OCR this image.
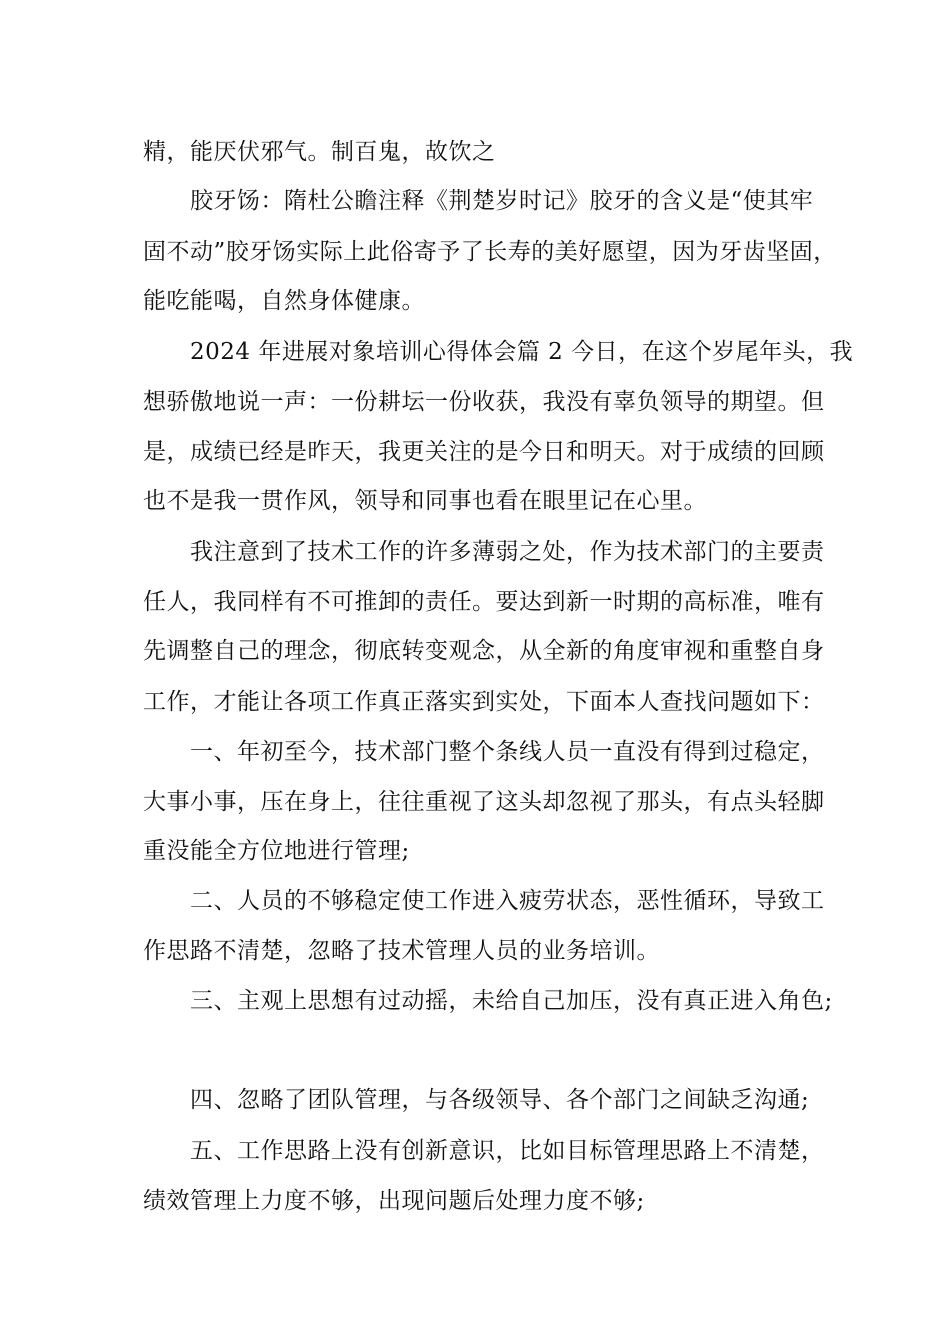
精，能厌伏邪气。制百鬼，故饮之
胶牙饧：隋杜公瞻注释《荆楚岁时记》胶牙的含义是“使其牢
固不动”胶牙饧实际上此俗寄予了长寿的美好愿望，因为牙齿坚固，
能吃能喝，自然身体健康。
2024 年进展对象培训心得体会篇 2 今日，在这个岁尾年头，我
想骄傲地说一声：一份耕坛一份收获，我没有辜负领导的期望。但
是，成绩已经是昨天，我更关注的是今日和明天。对于成绩的回顾
也不是我一贯作风，领导和同事也看在眼里记在心里。
我注意到了技术工作的许多薄弱之处，作为技术部门的主要责
任人，我同样有不可推卸的责任。要达到新一时期的高标准，唯有
先调整自己的理念，彻底转变观念，从全新的角度审视和重整自身
工作，才能让各项工作真正落实到实处，下面本人查找问题如下：
一、年初至今，技术部门整个条线人员一直没有得到过稳定，
大事小事，压在身上，往往重视了这头却忽视了那头，有点头轻脚
重没能全方位地进行管理;
二、人员的不够稳定使工作进入疲劳状态，恶性循环，导致工
作思路不清楚，忽略了技术管理人员的业务培训。
三、主观上思想有过动摇，未给自己加压，没有真正进入角色;
四、忽略了团队管理，与各级领导、各个部门之间缺乏沟通;
五、工作思路上没有创新意识，比如目标管理思路上不清楚，
绩效管理上力度不够，出现问题后处理力度不够;
